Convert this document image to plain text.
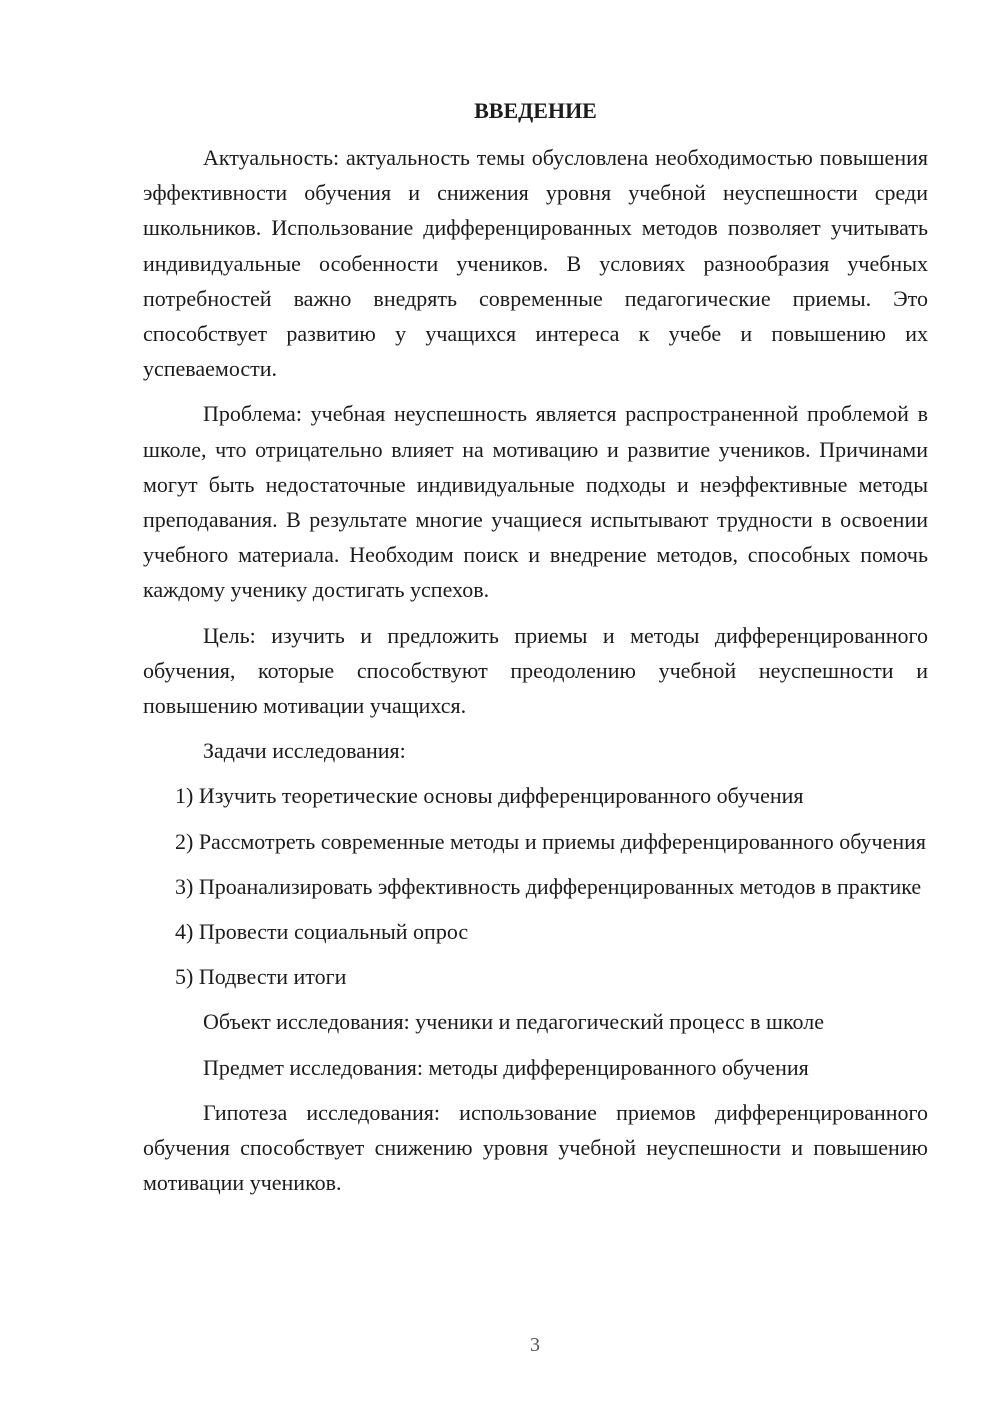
ВВЕДЕНИЕ

Актуальность: актуальность темы обусловлена необходимостью повышения эффективности обучения и снижения уровня учебной неуспешности среди школьников. Использование дифференцированных методов позволяет учитывать индивидуальные особенности учеников. В условиях разнообразия учебных потребностей важно внедрять современные педагогические приемы. Это способствует развитию у учащихся интереса к учебе и повышению их успеваемости.

Проблема: учебная неуспешность является распространенной проблемой в школе, что отрицательно влияет на мотивацию и развитие учеников. Причинами могут быть недостаточные индивидуальные подходы и неэффективные методы преподавания. В результате многие учащиеся испытывают трудности в освоении учебного материала. Необходим поиск и внедрение методов, способных помочь каждому ученику достигать успехов.

Цель: изучить и предложить приемы и методы дифференцированного обучения, которые способствуют преодолению учебной неуспешности и повышению мотивации учащихся.

Задачи исследования:

1) Изучить теоретические основы дифференцированного обучения

2) Рассмотреть современные методы и приемы дифференцированного обучения

3) Проанализировать эффективность дифференцированных методов в практике

4) Провести социальный опрос

5) Подвести итоги

Объект исследования: ученики и педагогический процесс в школе

Предмет исследования: методы дифференцированного обучения

Гипотеза исследования: использование приемов дифференцированного обучения способствует снижению уровня учебной неуспешности и повышению мотивации учеников.

3
